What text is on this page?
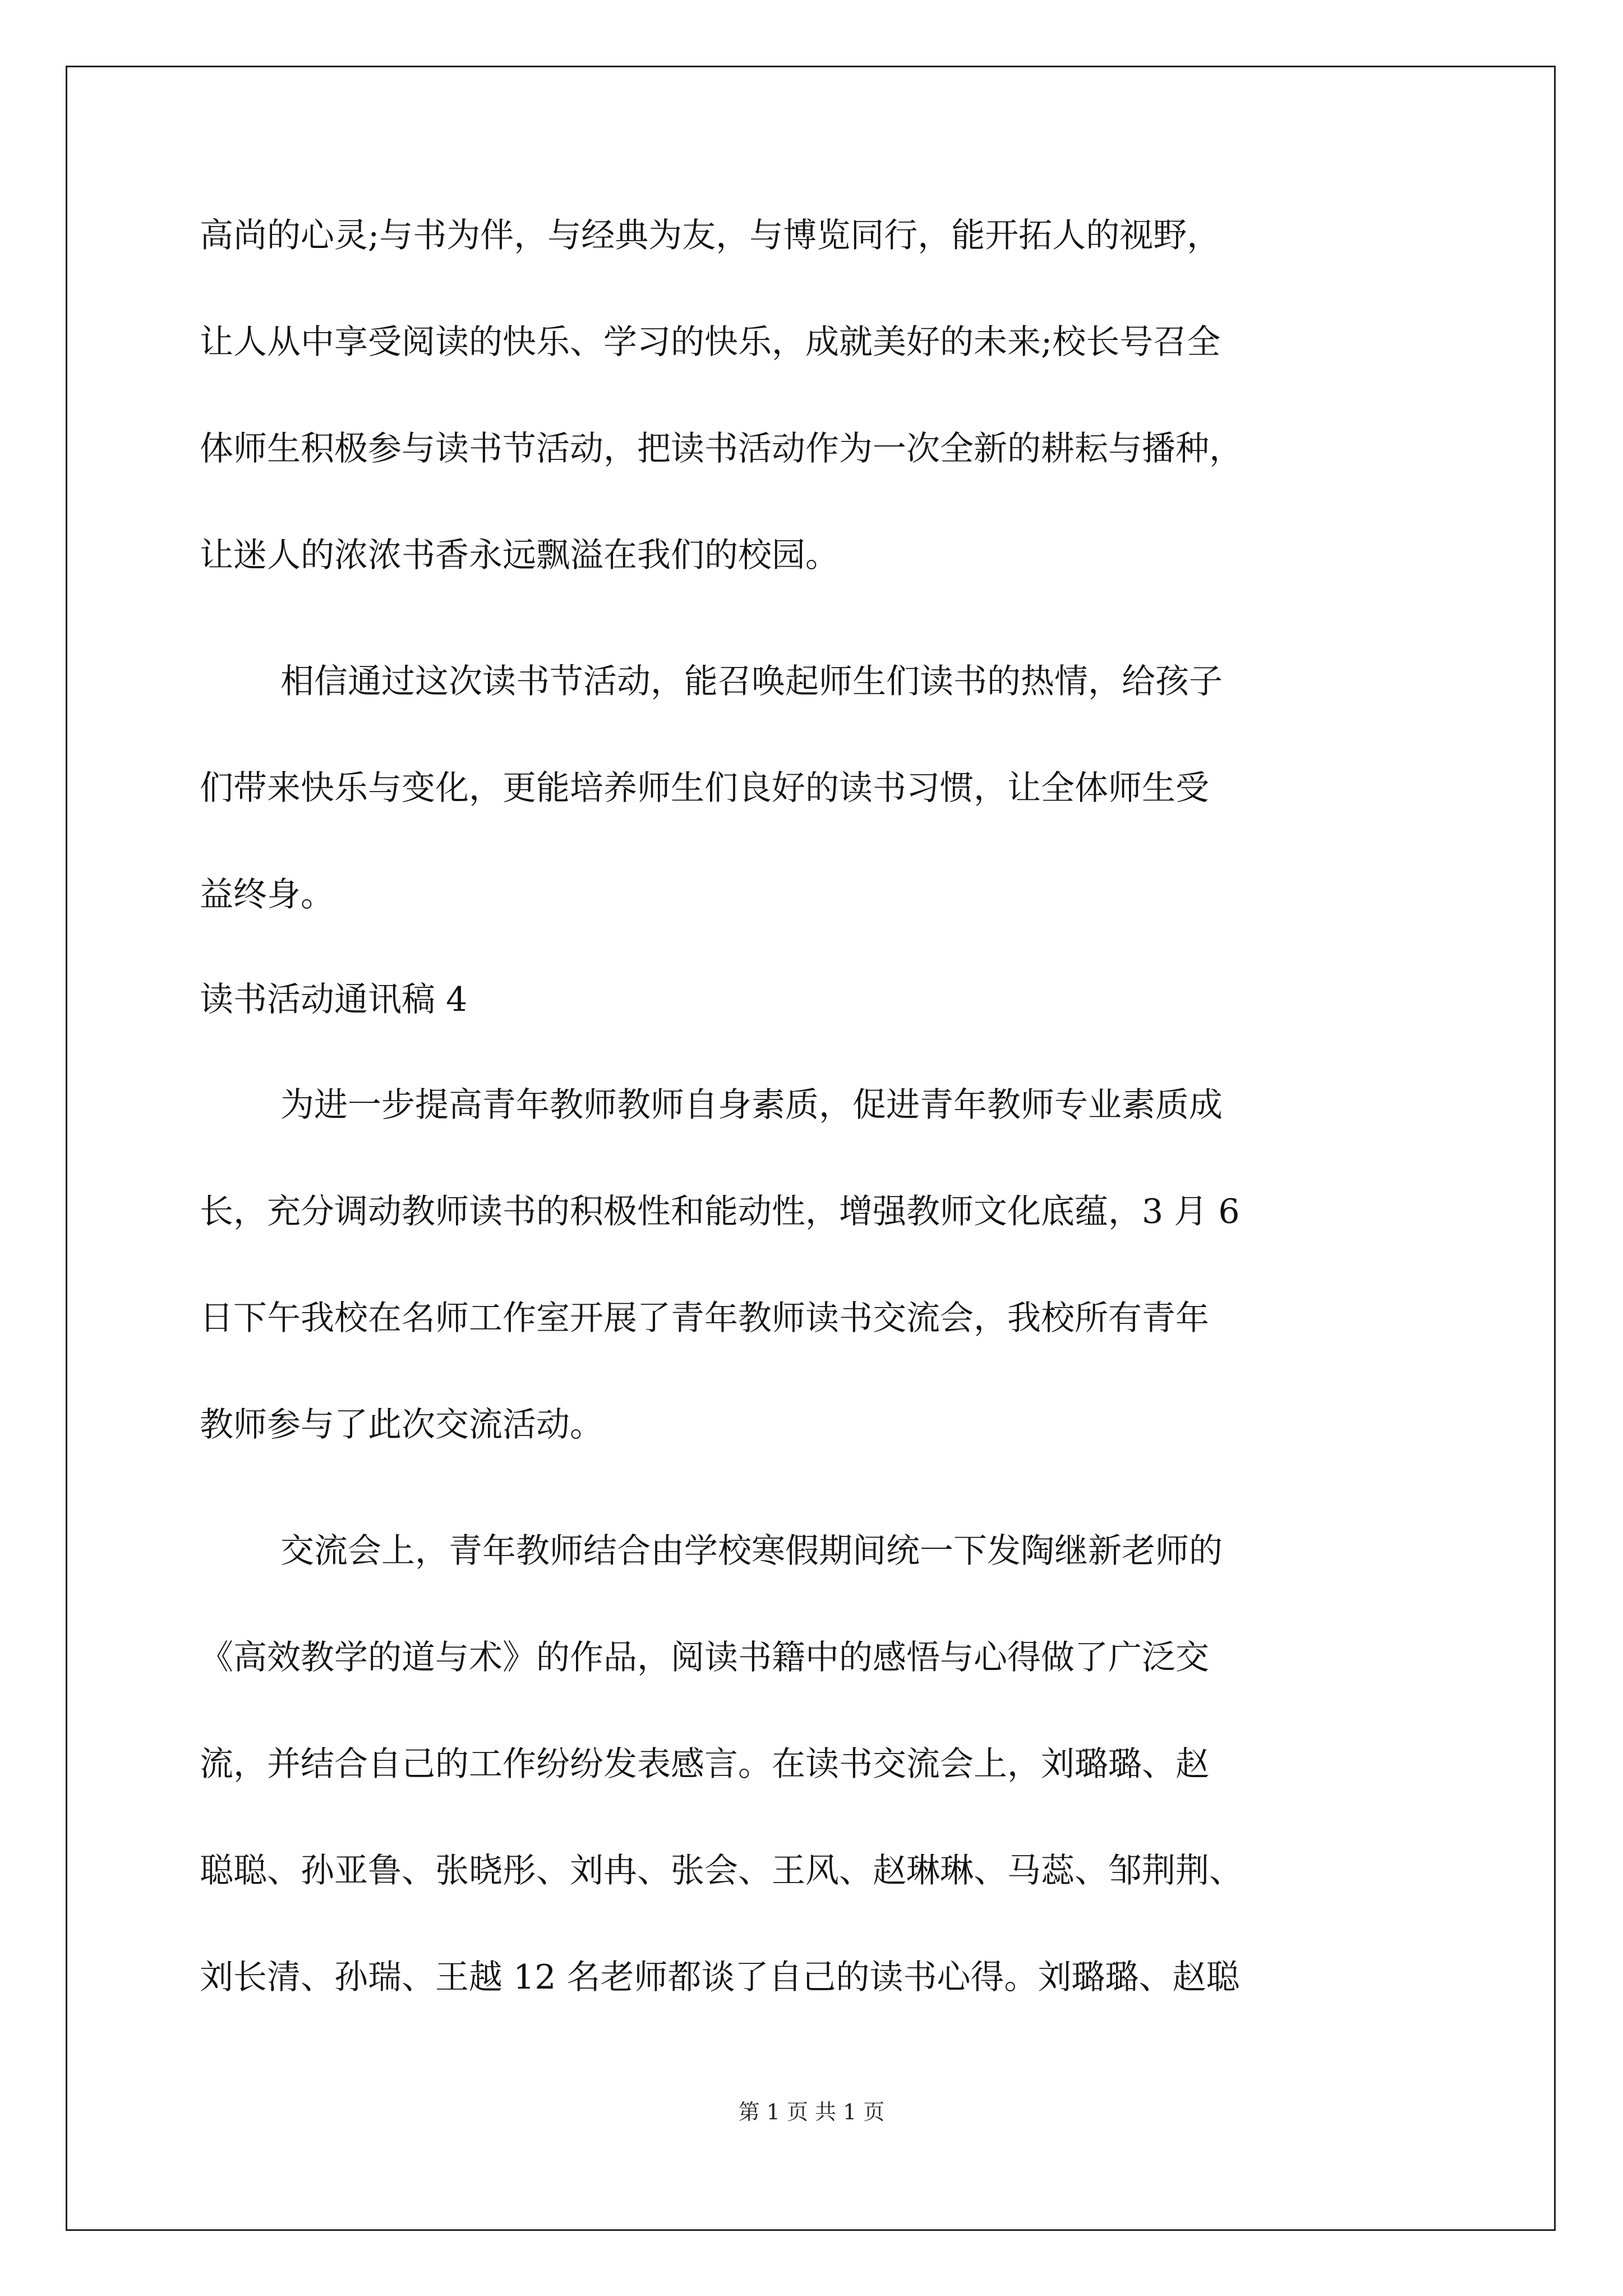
高尚的心灵;与书为伴，与经典为友，与博览同行，能开拓人的视野，

让人从中享受阅读的快乐、学习的快乐，成就美好的未来;校长号召全

体师生积极参与读书节活动，把读书活动作为一次全新的耕耘与播种，

让迷人的浓浓书香永远飘溢在我们的校园。

相信通过这次读书节活动，能召唤起师生们读书的热情，给孩子

们带来快乐与变化，更能培养师生们良好的读书习惯，让全体师生受

益终身。

读书活动通讯稿 4

为进一步提高青年教师教师自身素质，促进青年教师专业素质成

长，充分调动教师读书的积极性和能动性，增强教师文化底蕴，3 月 6

日下午我校在名师工作室开展了青年教师读书交流会，我校所有青年

教师参与了此次交流活动。

交流会上，青年教师结合由学校寒假期间统一下发陶继新老师的

《高效教学的道与术》的作品，阅读书籍中的感悟与心得做了广泛交

流，并结合自己的工作纷纷发表感言。在读书交流会上，刘璐璐、赵

聪聪、孙亚鲁、张晓彤、刘冉、张会、王风、赵琳琳、马蕊、邹荆荆、

刘长清、孙瑞、王越 12 名老师都谈了自己的读书心得。刘璐璐、赵聪

第 1 页 共 1 页
